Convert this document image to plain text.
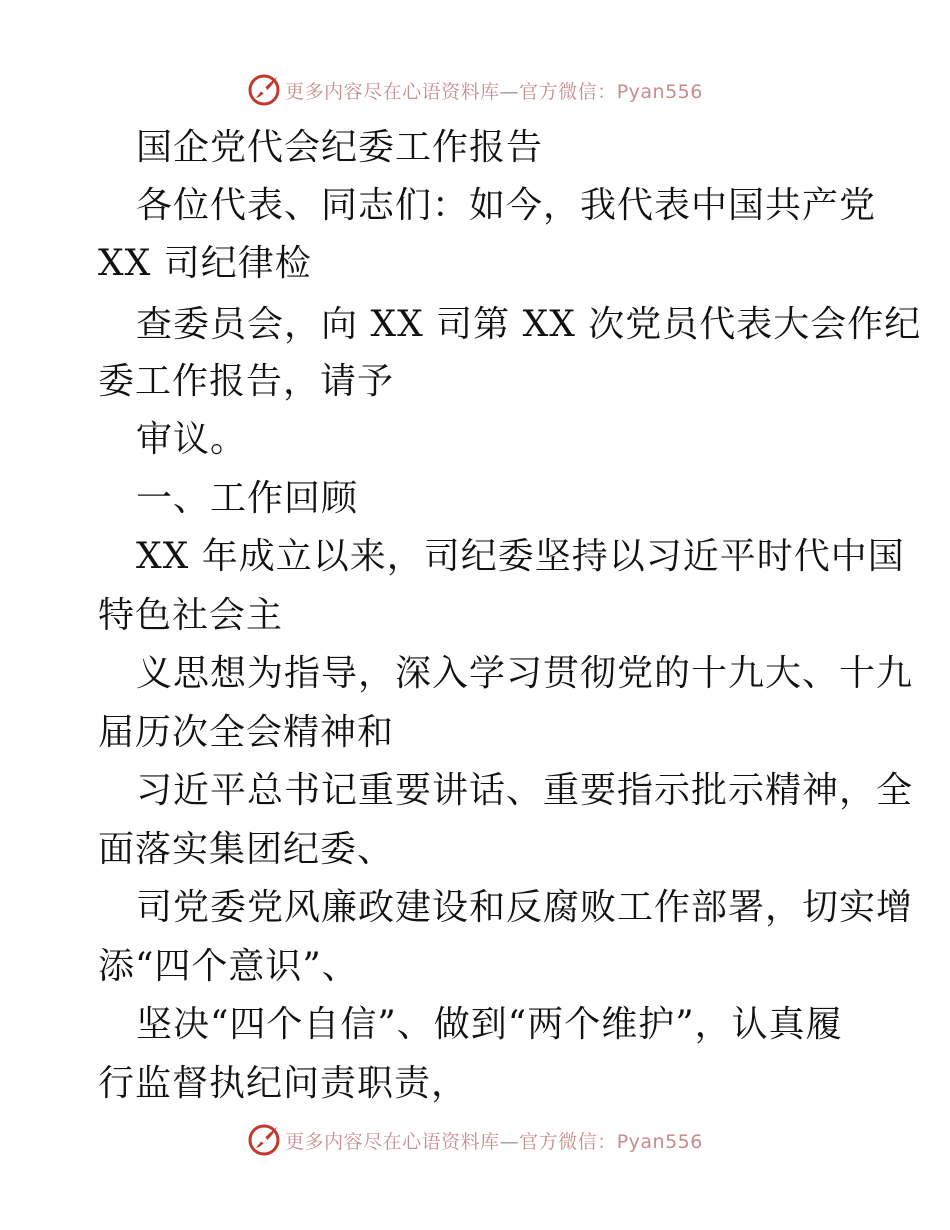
更多内容尽在心语资料库—官方微信：Pyan556
国企党代会纪委工作报告
各位代表、同志们：如今，我代表中国共产党
XX 司纪律检
查委员会，向 XX 司第 XX 次党员代表大会作纪
委工作报告，请予
审议。
一、工作回顾
XX 年成立以来，司纪委坚持以习近平时代中国
特色社会主
义思想为指导，深入学习贯彻党的十九大、十九
届历次全会精神和
习近平总书记重要讲话、重要指示批示精神，全
面落实集团纪委、
司党委党风廉政建设和反腐败工作部署，切实增
添“四个意识”、
坚决“四个自信”、做到“两个维护”，认真履
行监督执纪问责职责，
更多内容尽在心语资料库—官方微信：Pyan556
